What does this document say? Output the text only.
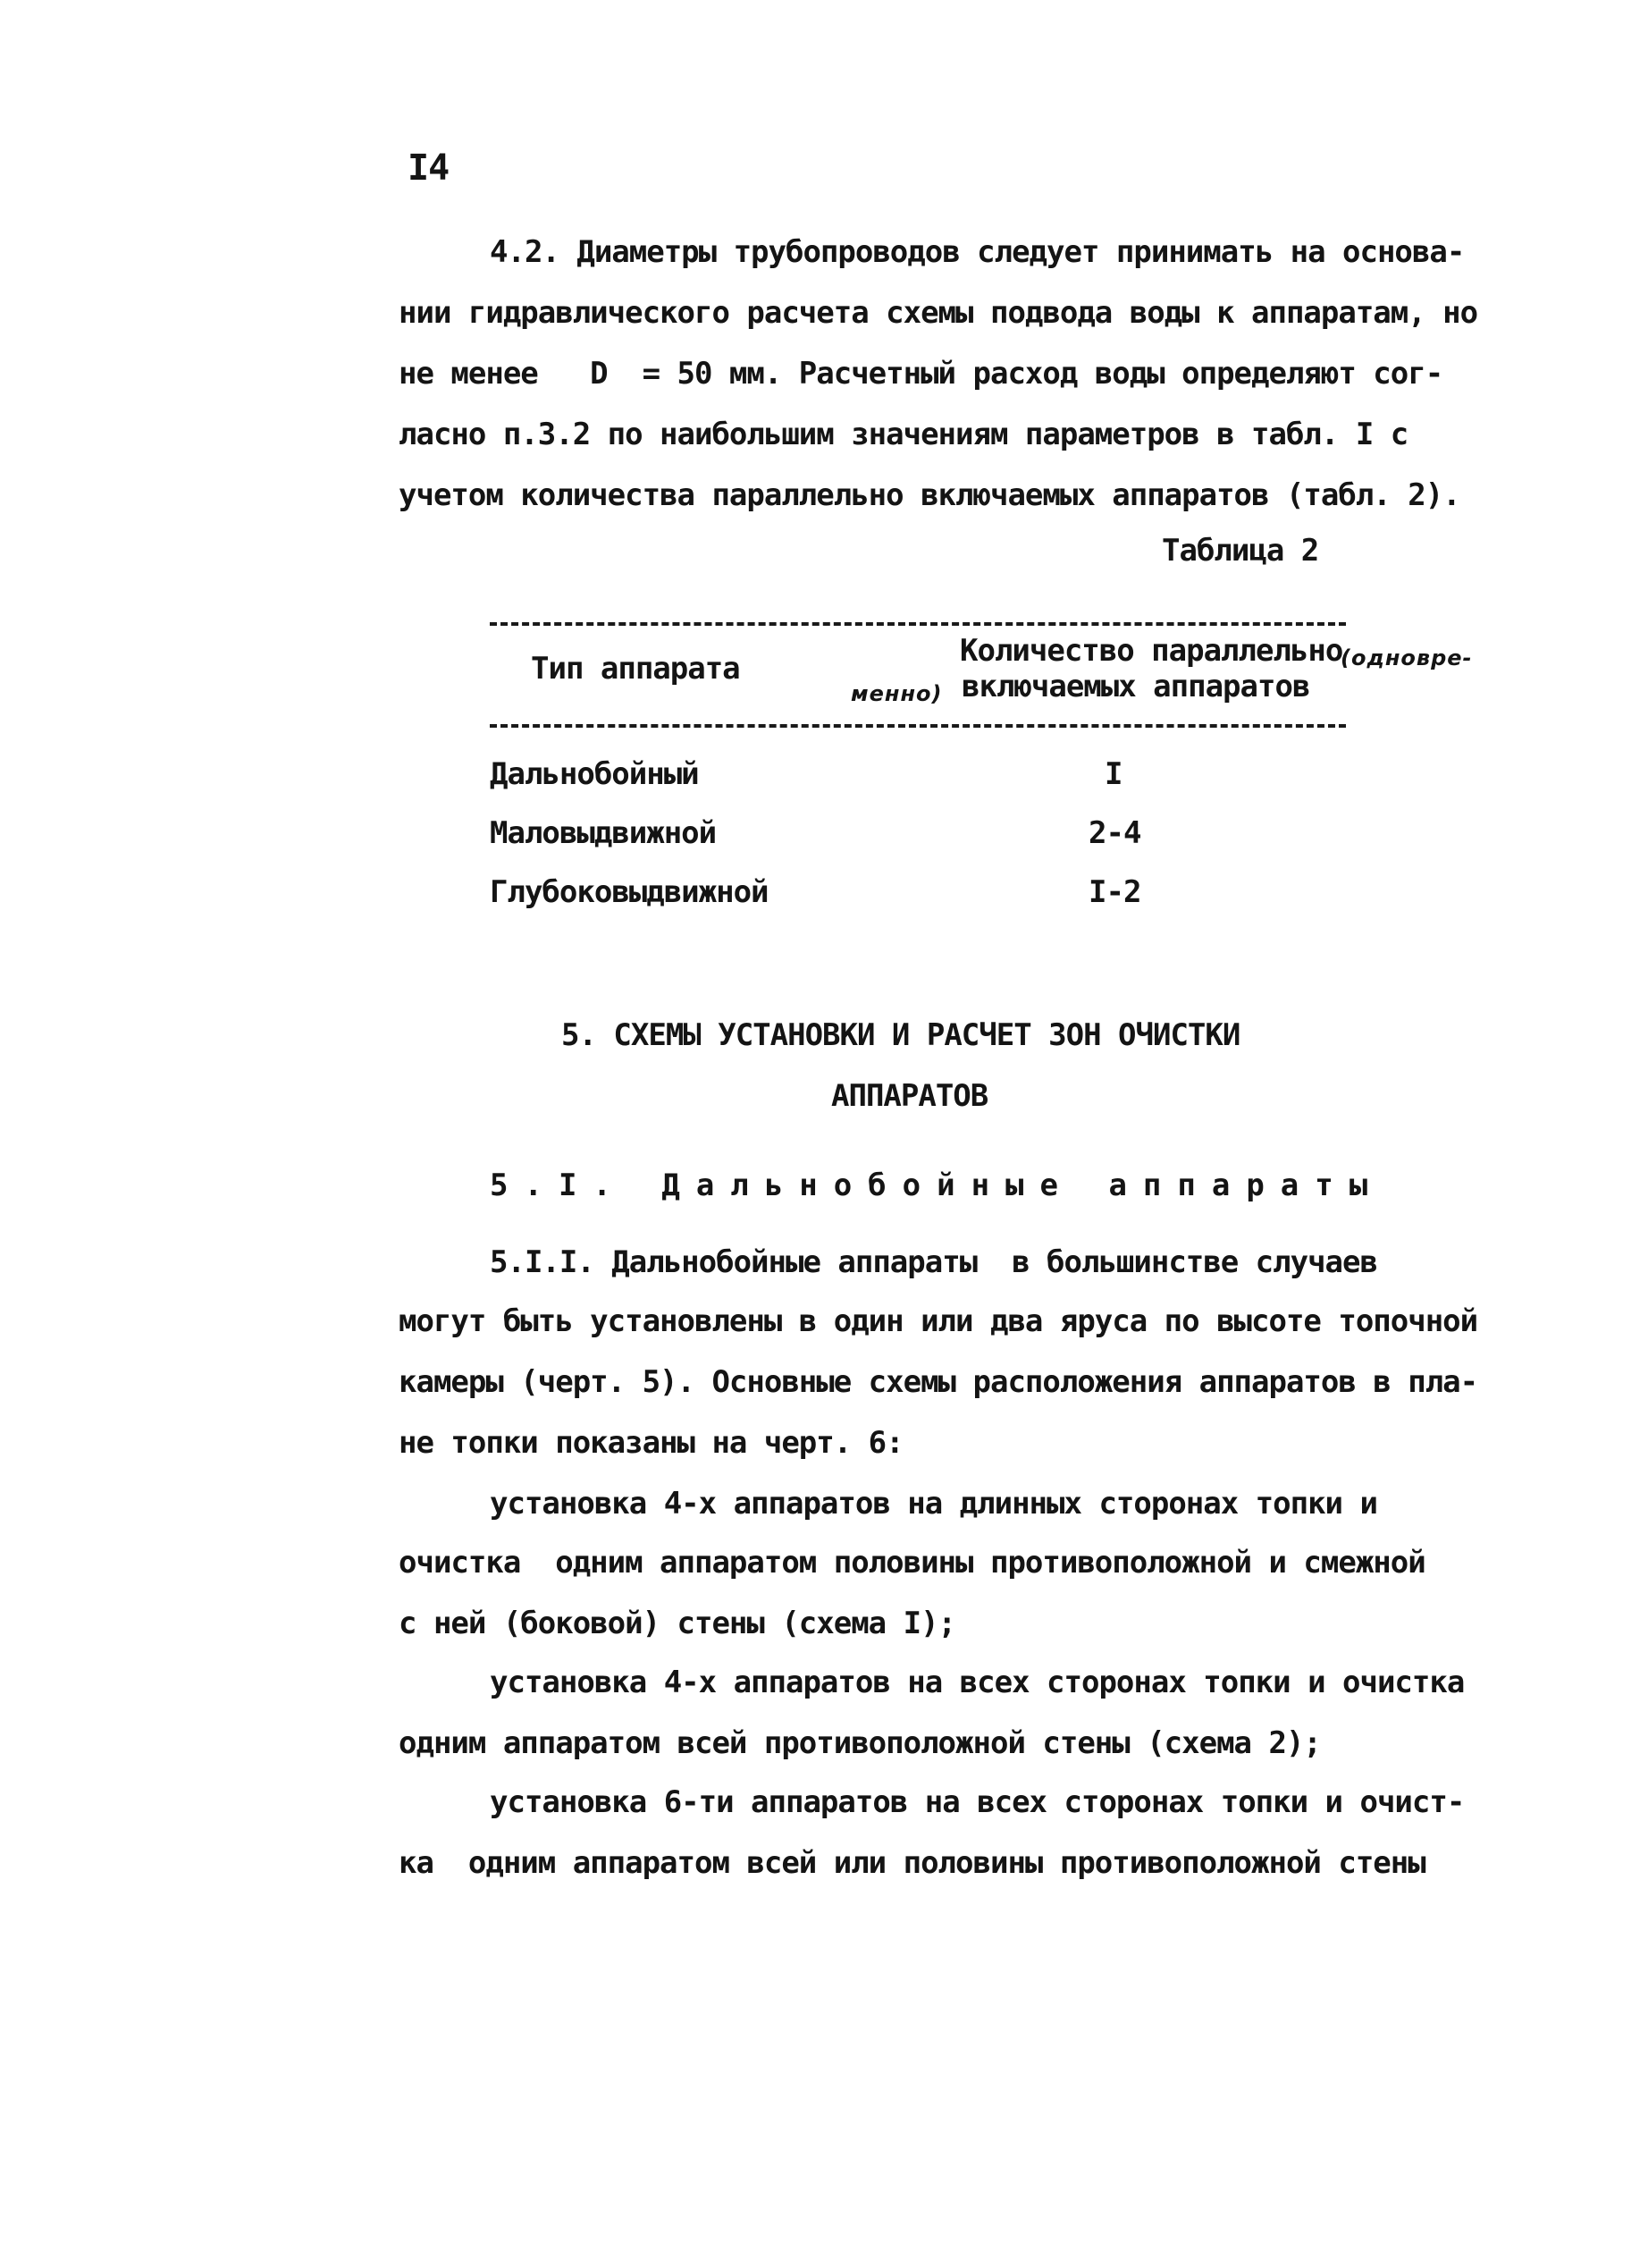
I4
4.2. Диаметры трубопроводов следует принимать на основа-
нии гидравлического расчета схемы подвода воды к аппаратам, но
не менее   D  = 50 мм. Расчетный расход воды определяют сог-
ласно п.3.2 по наибольшим значениям параметров в табл. I с
учетом количества параллельно включаемых аппаратов (табл. 2).
Таблица 2
Тип аппарата	Количество параллельно
(одновре-
менно) включаемых аппаратов
Дальнобойный	I
Маловыдвижной	2-4
Глубоковыдвижной	I-2
5. СХЕМЫ УСТАНОВКИ И РАСЧЕТ ЗОН ОЧИСТКИ
АППАРАТОВ
5.I. Дальнобойные аппараты
5.I.I. Дальнобойные аппараты  в большинстве случаев
могут быть установлены в один или два яруса по высоте топочной
камеры (черт. 5). Основные схемы расположения аппаратов в пла-
не топки показаны на черт. 6:
установка 4-х аппаратов на длинных сторонах топки и
очистка  одним аппаратом половины противоположной и смежной
с ней (боковой) стены (схема I);
установка 4-х аппаратов на всех сторонах топки и очистка
одним аппаратом всей противоположной стены (схема 2);
установка 6-ти аппаратов на всех сторонах топки и очист-
ка  одним аппаратом всей или половины противоположной стены
